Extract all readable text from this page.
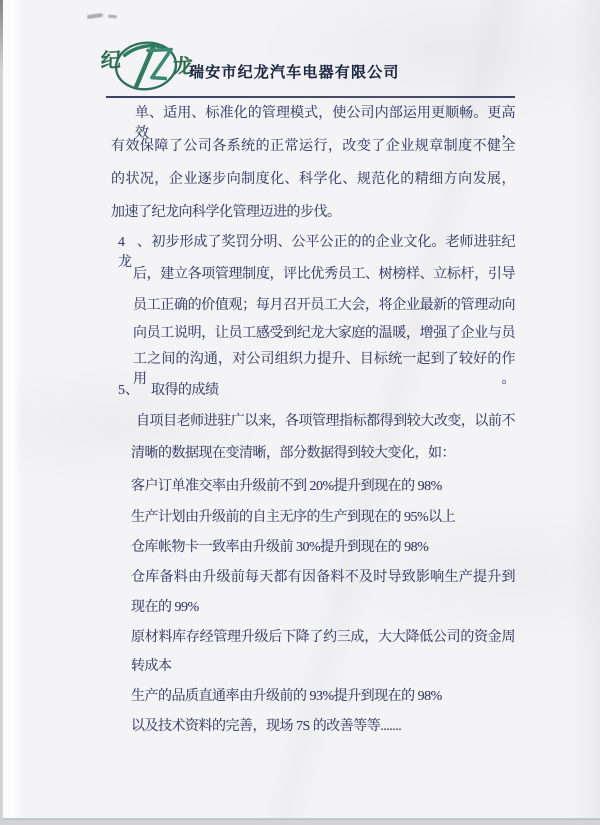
纪	龙
瑞安市纪龙汽车电器有限公司
单、适用、标准化的管理模式，使公司内部运用更顺畅。更高效，
有效保障了公司各系统的正常运行，改变了企业规章制度不健全
的状况，企业逐步向制度化、科学化、规范化的精细方向发展，
加速了纪龙向科学化管理迈进的步伐。
4、初步形成了奖罚分明、公平公正的的企业文化。老师进驻纪龙
后，建立各项管理制度，评比优秀员工、树榜样、立标杆，引导
员工正确的价值观；每月召开员工大会，将企业最新的管理动向
向员工说明，让员工感受到纪龙大家庭的温暖，增强了企业与员
工之间的沟通，对公司组织力提升、目标统一起到了较好的作用。
5、 取得的成绩
自项目老师进驻广以来，各项管理指标都得到较大改变，以前不
清晰的数据现在变清晰，部分数据得到较大变化，如：
客户订单准交率由升级前不到 20%提升到现在的 98%
生产计划由升级前的自主无序的生产到现在的 95%以上
仓库帐物卡一致率由升级前 30%提升到现在的 98%
仓库备料由升级前每天都有因备料不及时导致影响生产提升到
现在的 99%
原材料库存经管理升级后下降了约三成，大大降低公司的资金周
转成本
生产的品质直通率由升级前的 93%提升到现在的 98%
以及技术资料的完善，现场 7S 的改善等等.......
